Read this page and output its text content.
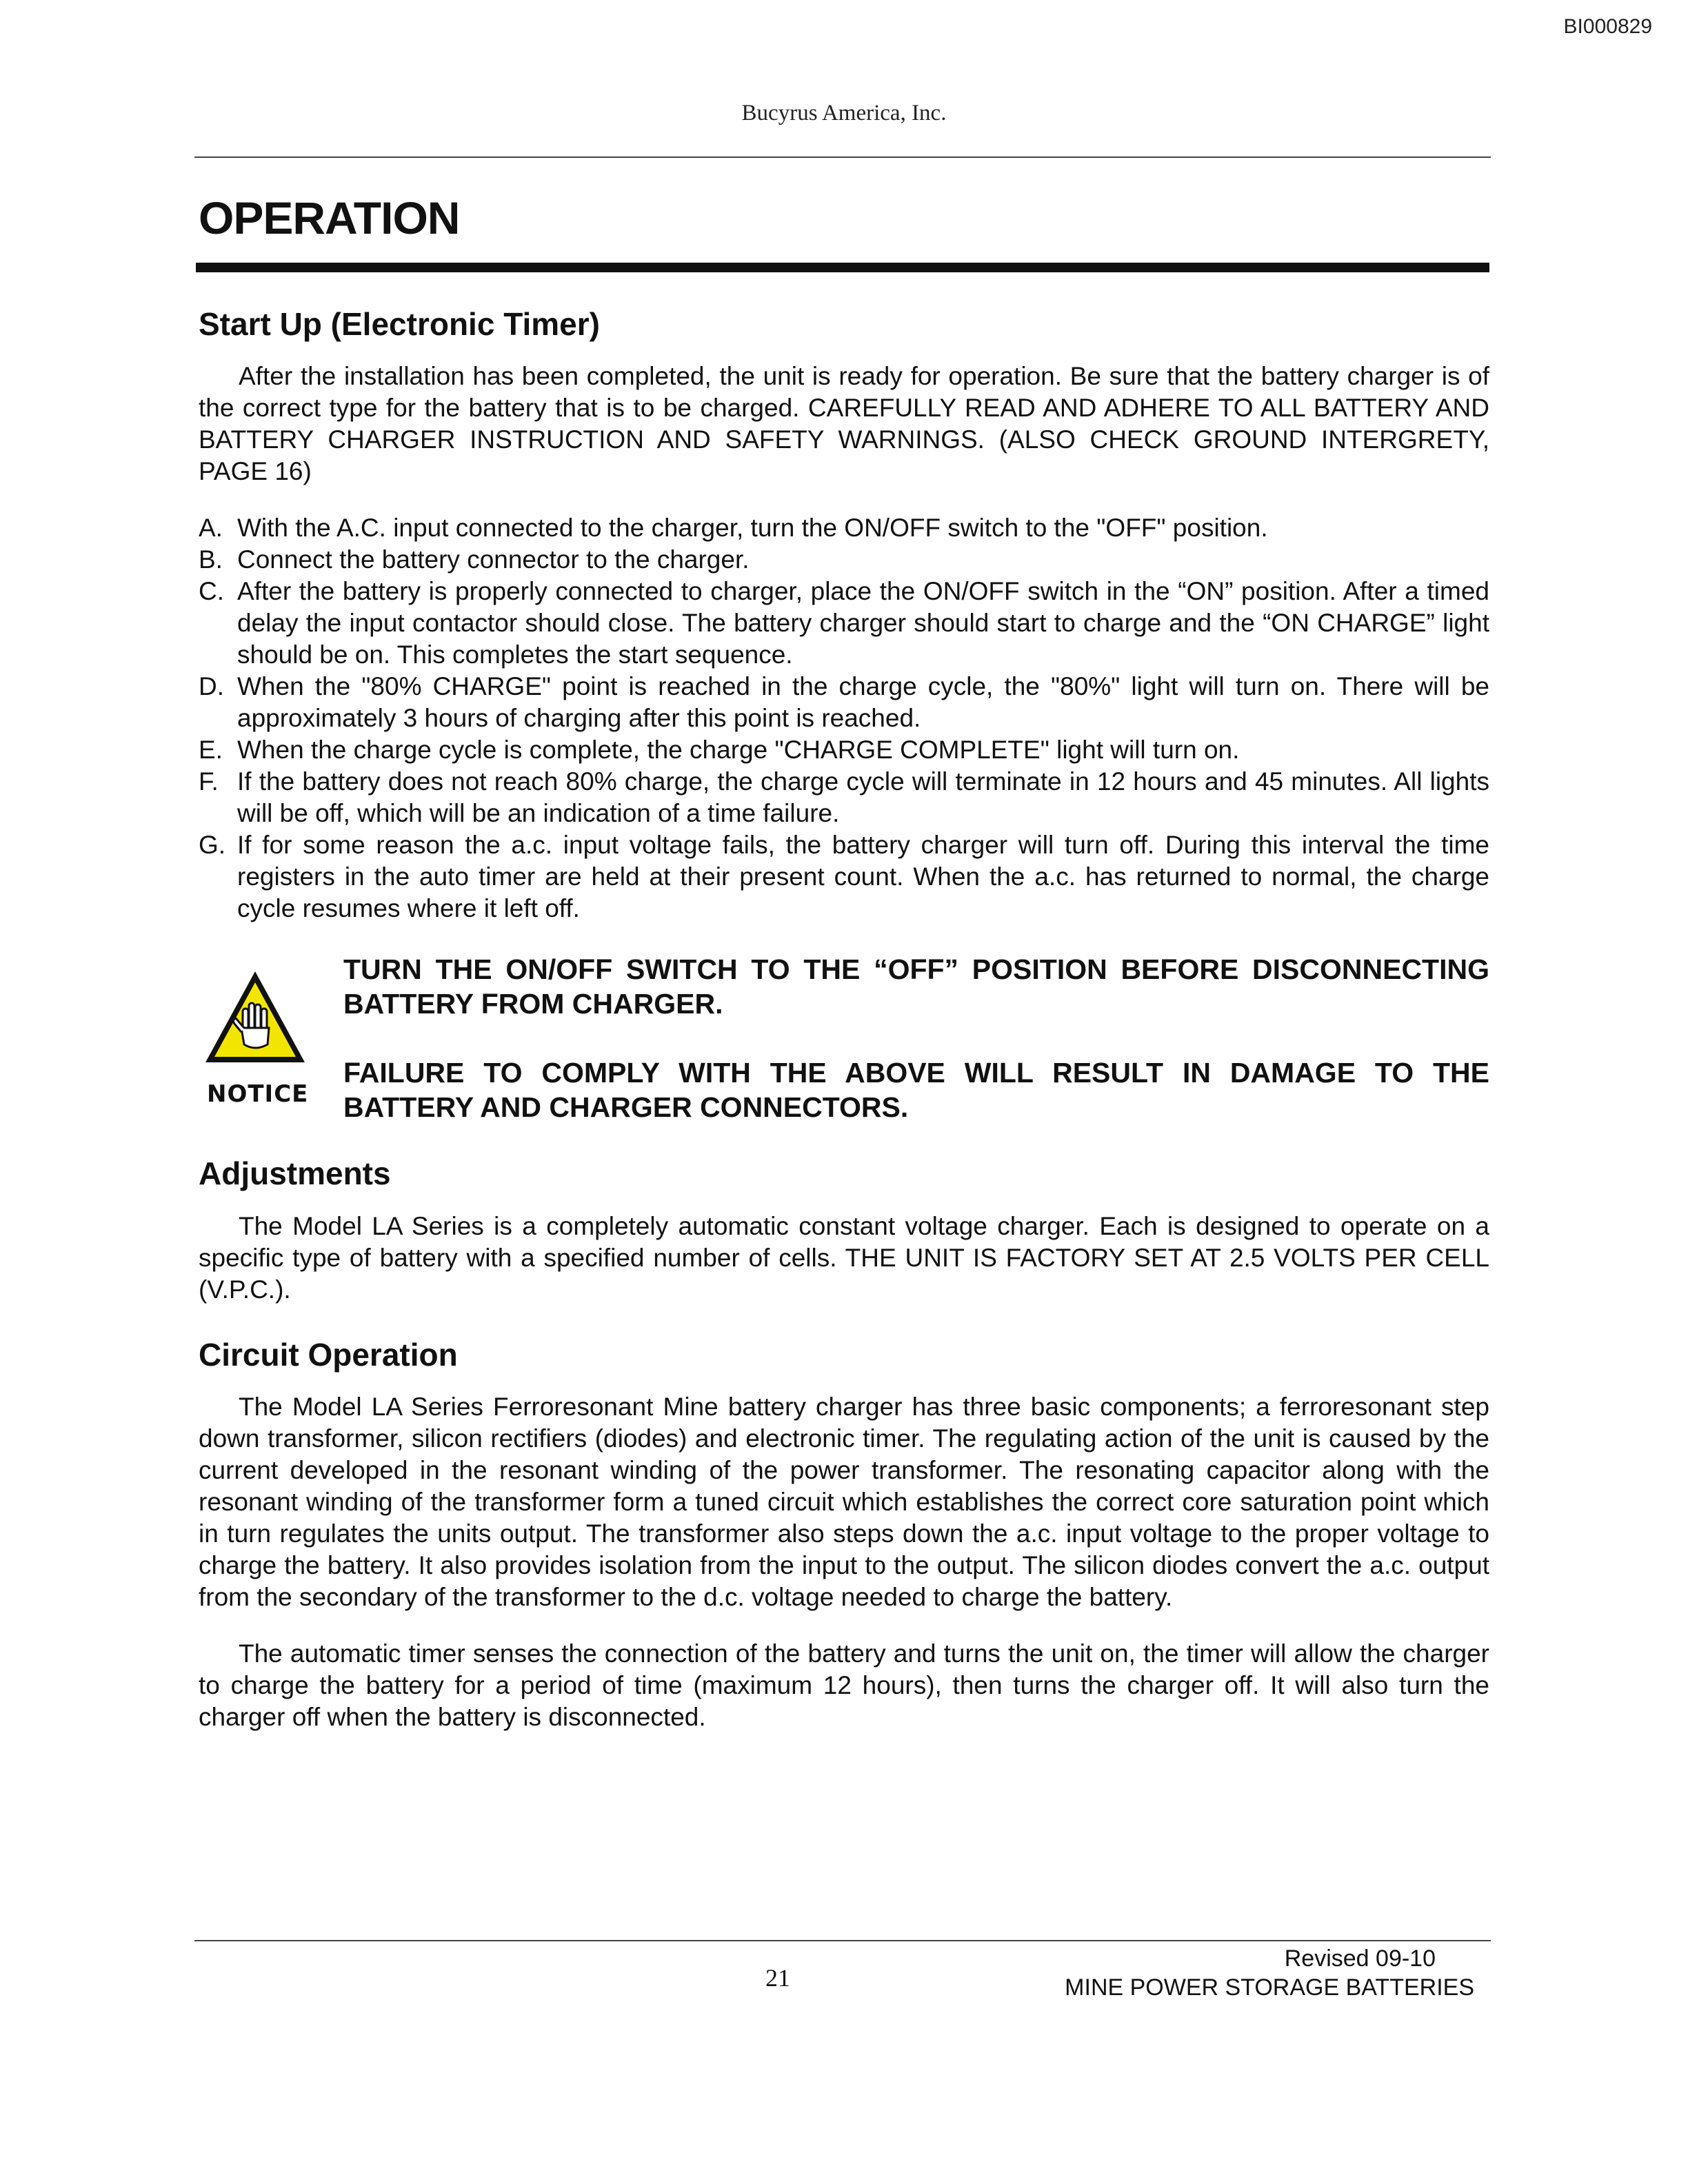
BI000829
Bucyrus America, Inc.
OPERATION
Start Up (Electronic Timer)

After the installation has been completed, the unit is ready for operation. Be sure that the battery charger is of the correct type for the battery that is to be charged. CAREFULLY READ AND ADHERE TO ALL BATTERY AND BATTERY CHARGER INSTRUCTION AND SAFETY WARNINGS. (ALSO CHECK GROUND INTERGRETY, PAGE 16)

A. With the A.C. input connected to the charger, turn the ON/OFF switch to the "OFF" position.
B. Connect the battery connector to the charger.
C. After the battery is properly connected to charger, place the ON/OFF switch in the “ON” position. After a timed delay the input contactor should close. The battery charger should start to charge and the “ON CHARGE” light should be on. This completes the start sequence.
D. When the "80% CHARGE" point is reached in the charge cycle, the "80%" light will turn on. There will be approximately 3 hours of charging after this point is reached.
E. When the charge cycle is complete, the charge "CHARGE COMPLETE" light will turn on.
F. If the battery does not reach 80% charge, the charge cycle will terminate in 12 hours and 45 minutes. All lights will be off, which will be an indication of a time failure.
G. If for some reason the a.c. input voltage fails, the battery charger will turn off. During this interval the time registers in the auto timer are held at their present count. When the a.c. has returned to normal, the charge cycle resumes where it left off.
NOTICE

TURN THE ON/OFF SWITCH TO THE “OFF” POSITION BEFORE DISCONNECTING BATTERY FROM CHARGER.

FAILURE TO COMPLY WITH THE ABOVE WILL RESULT IN DAMAGE TO THE BATTERY AND CHARGER CONNECTORS.

Adjustments

The Model LA Series is a completely automatic constant voltage charger. Each is designed to operate on a specific type of battery with a specified number of cells. THE UNIT IS FACTORY SET AT 2.5 VOLTS PER CELL (V.P.C.).

Circuit Operation

The Model LA Series Ferroresonant Mine battery charger has three basic components; a ferroresonant step down transformer, silicon rectifiers (diodes) and electronic timer. The regulating action of the unit is caused by the current developed in the resonant winding of the power transformer. The resonating capacitor along with the resonant winding of the transformer form a tuned circuit which establishes the correct core saturation point which in turn regulates the units output. The transformer also steps down the a.c. input voltage to the proper voltage to charge the battery. It also provides isolation from the input to the output. The silicon diodes convert the a.c. output from the secondary of the transformer to the d.c. voltage needed to charge the battery.

The automatic timer senses the connection of the battery and turns the unit on, the timer will allow the charger to charge the battery for a period of time (maximum 12 hours), then turns the charger off. It will also turn the charger off when the battery is disconnected.

21
Revised 09-10
MINE POWER STORAGE BATTERIES
